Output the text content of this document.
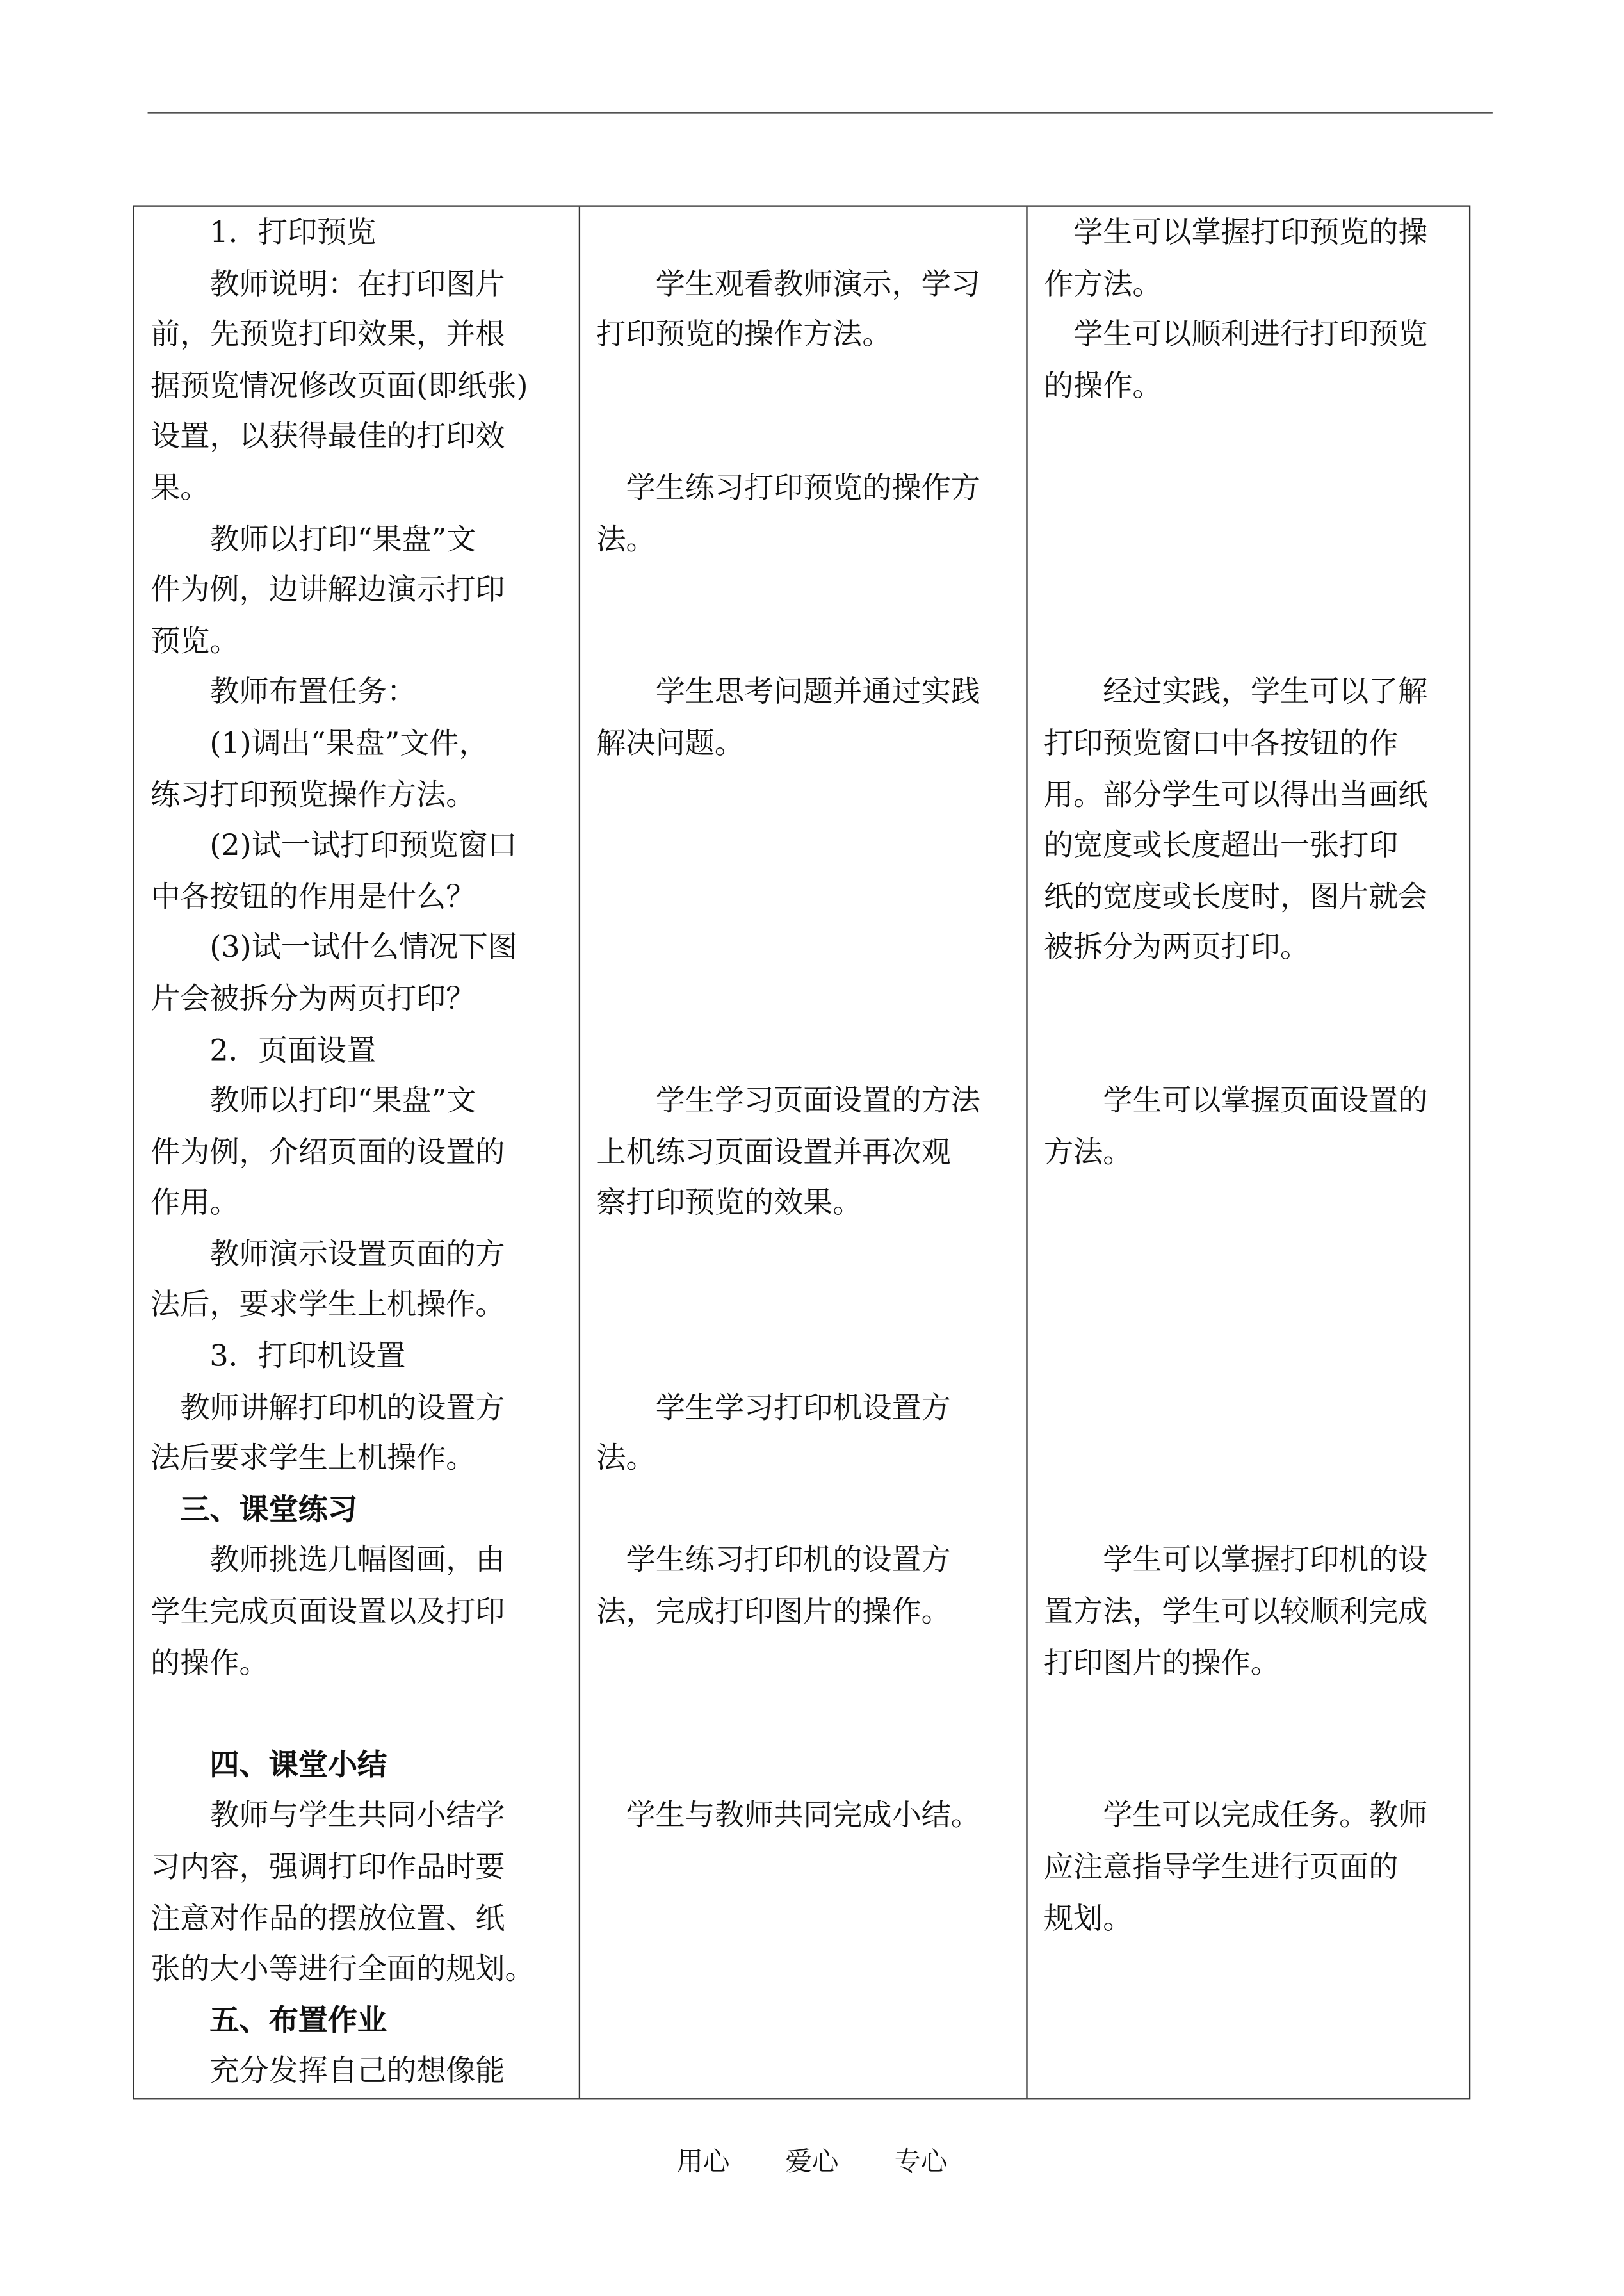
　　1．打印预览
　　教师说明：在打印图片
前，先预览打印效果，并根
据预览情况修改页面(即纸张)
设置，以获得最佳的打印效
果。
　　教师以打印“果盘”文
件为例，边讲解边演示打印
预览。
　　教师布置任务：
　　(1)调出“果盘”文件，
练习打印预览操作方法。
　　(2)试一试打印预览窗口
中各按钮的作用是什么？
　　(3)试一试什么情况下图
片会被拆分为两页打印？
　　2．页面设置
　　教师以打印“果盘”文
件为例，介绍页面的设置的
作用。
　　教师演示设置页面的方
法后，要求学生上机操作。
　　3．打印机设置
　教师讲解打印机的设置方
法后要求学生上机操作。
　三、课堂练习
　　教师挑选几幅图画，由
学生完成页面设置以及打印
的操作。
　　四、课堂小结
　　教师与学生共同小结学
习内容，强调打印作品时要
注意对作品的摆放位置、纸
张的大小等进行全面的规划。
　　五、布置作业
　　充分发挥自己的想像能
　　学生观看教师演示，学习
打印预览的操作方法。
　学生练习打印预览的操作方
法。
　　学生思考问题并通过实践
解决问题。
　　学生学习页面设置的方法
上机练习页面设置并再次观
察打印预览的效果。
　　学生学习打印机设置方
法。
　学生练习打印机的设置方
法，完成打印图片的操作。
　学生与教师共同完成小结。
　学生可以掌握打印预览的操
作方法。
　学生可以顺利进行打印预览
的操作。
　　经过实践，学生可以了解
打印预览窗口中各按钮的作
用。部分学生可以得出当画纸
的宽度或长度超出一张打印
纸的宽度或长度时，图片就会
被拆分为两页打印。
　　学生可以掌握页面设置的
方法。
　　学生可以掌握打印机的设
置方法，学生可以较顺利完成
打印图片的操作。
　　学生可以完成任务。教师
应注意指导学生进行页面的
规划。
用心	爱心	专心
